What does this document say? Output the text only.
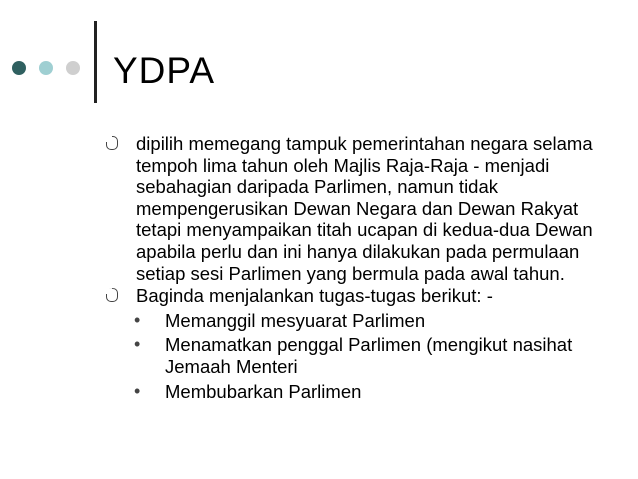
YDPA
dipilih memegang tampuk pemerintahan negara selama tempoh lima tahun oleh Majlis Raja-Raja - menjadi sebahagian daripada Parlimen, namun tidak mempengerusikan Dewan Negara dan Dewan Rakyat tetapi menyampaikan titah ucapan di kedua-dua Dewan apabila perlu dan ini hanya dilakukan pada permulaan setiap sesi Parlimen yang bermula pada awal tahun.
Baginda menjalankan tugas-tugas berikut: -
• Memanggil mesyuarat Parlimen
• Menamatkan penggal Parlimen (mengikut nasihat Jemaah Menteri
• Membubarkan Parlimen
